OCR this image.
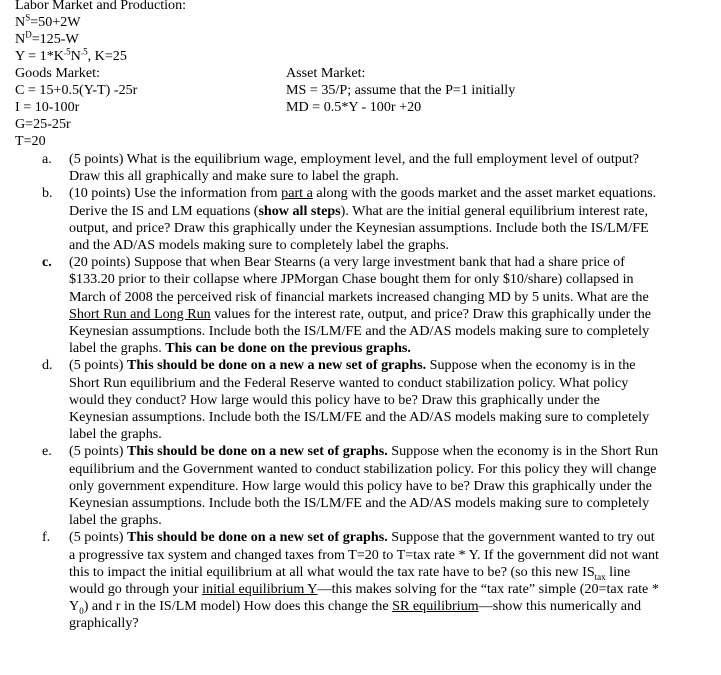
Labor Market and Production:
$N^S=50+2W$
$N^D=125-W$
$Y = 1*K^{.5}N^{.5}$, K=25
Goods Market:
C = 15+0.5(Y-T) -25r
I = 10-100r
G=25-25r
T=20
Asset Market:
MS = 35/P; assume that the P=1 initially
MD = 0.5*Y - 100r +20
a.	(5 points) What is the equilibrium wage, employment level, and the full employment level of output? Draw this all graphically and make sure to label the graph.
b.	(10 points) Use the information from part a along with the goods market and the asset market equations. Derive the IS and LM equations (show all steps). What are the initial general equilibrium interest rate, output, and price? Draw this graphically under the Keynesian assumptions. Include both the IS/LM/FE and the AD/AS models making sure to completely label the graphs.
c.	(20 points) Suppose that when Bear Stearns (a very large investment bank that had a share price of $133.20 prior to their collapse where JPMorgan Chase bought them for only $10/share) collapsed in March of 2008 the perceived risk of financial markets increased changing MD by 5 units. What are the Short Run and Long Run values for the interest rate, output, and price? Draw this graphically under the Keynesian assumptions. Include both the IS/LM/FE and the AD/AS models making sure to completely label the graphs. This can be done on the previous graphs.
d.	(5 points) This should be done on a new a new set of graphs. Suppose when the economy is in the Short Run equilibrium and the Federal Reserve wanted to conduct stabilization policy. What policy would they conduct? How large would this policy have to be? Draw this graphically under the Keynesian assumptions. Include both the IS/LM/FE and the AD/AS models making sure to completely label the graphs.
e.	(5 points) This should be done on a new set of graphs. Suppose when the economy is in the Short Run equilibrium and the Government wanted to conduct stabilization policy. For this policy they will change only government expenditure. How large would this policy have to be? Draw this graphically under the Keynesian assumptions. Include both the IS/LM/FE and the AD/AS models making sure to completely label the graphs.
f.	(5 points) This should be done on a new set of graphs. Suppose that the government wanted to try out a progressive tax system and changed taxes from T=20 to T=tax rate * Y. If the government did not want this to impact the initial equilibrium at all what would the tax rate have to be? (so this new $IS_{tax}$ line would go through your initial equilibrium Y—this makes solving for the “tax rate” simple (20=tax rate * $Y_0$) and r in the IS/LM model) How does this change the SR equilibrium—show this numerically and graphically?
